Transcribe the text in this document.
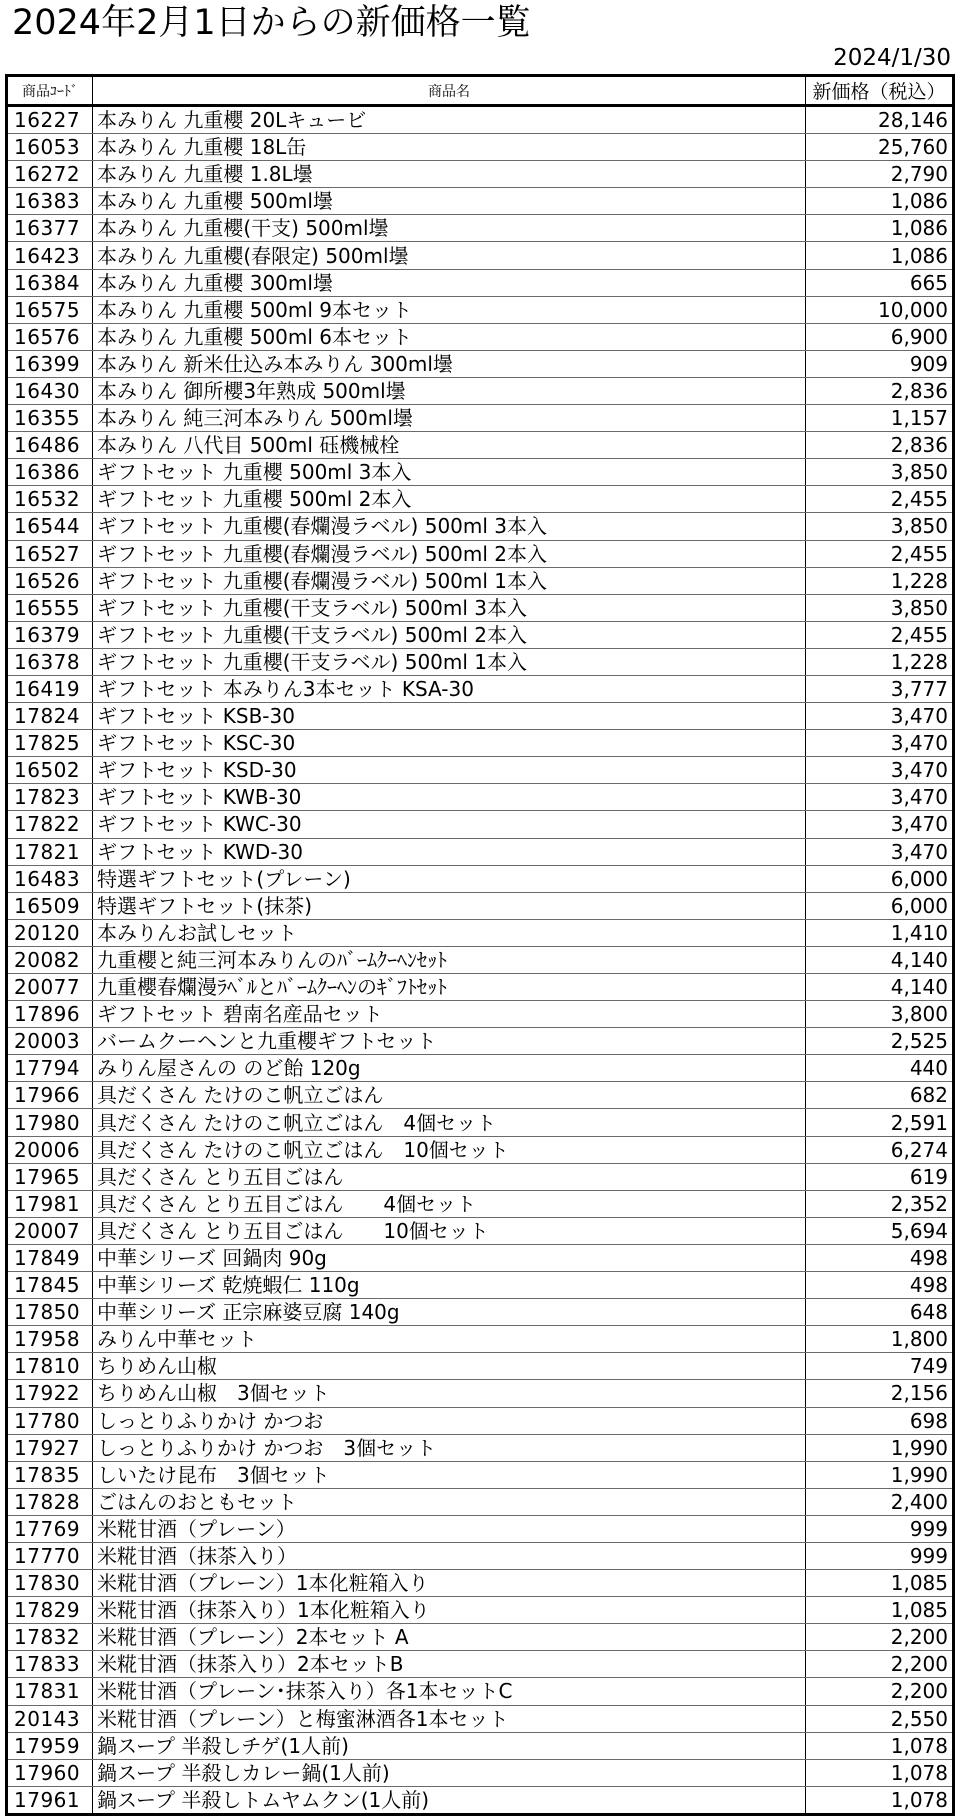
2024年2月1日からの新価格一覧
2024/1/30
商品ｺｰﾄﾞ	商品名	新価格（税込）
16227	本みりん 九重櫻 20Lキュービ	28,146
16053	本みりん 九重櫻 18L缶	25,760
16272	本みりん 九重櫻 1.8L壜	2,790
16383	本みりん 九重櫻 500ml壜	1,086
16377	本みりん 九重櫻(干支) 500ml壜	1,086
16423	本みりん 九重櫻(春限定) 500ml壜	1,086
16384	本みりん 九重櫻 300ml壜	665
16575	本みりん 九重櫻 500ml 9本セット	10,000
16576	本みりん 九重櫻 500ml 6本セット	6,900
16399	本みりん 新米仕込み本みりん 300ml壜	909
16430	本みりん 御所櫻3年熟成 500ml壜	2,836
16355	本みりん 純三河本みりん 500ml壜	1,157
16486	本みりん 八代目 500ml 砡機械栓	2,836
16386	ギフトセット 九重櫻 500ml 3本入	3,850
16532	ギフトセット 九重櫻 500ml 2本入	2,455
16544	ギフトセット 九重櫻(春爛漫ラベル) 500ml 3本入	3,850
16527	ギフトセット 九重櫻(春爛漫ラベル) 500ml 2本入	2,455
16526	ギフトセット 九重櫻(春爛漫ラベル) 500ml 1本入	1,228
16555	ギフトセット 九重櫻(干支ラベル) 500ml 3本入	3,850
16379	ギフトセット 九重櫻(干支ラベル) 500ml 2本入	2,455
16378	ギフトセット 九重櫻(干支ラベル) 500ml 1本入	1,228
16419	ギフトセット 本みりん3本セット KSA-30	3,777
17824	ギフトセット KSB-30	3,470
17825	ギフトセット KSC-30	3,470
16502	ギフトセット KSD-30	3,470
17823	ギフトセット KWB-30	3,470
17822	ギフトセット KWC-30	3,470
17821	ギフトセット KWD-30	3,470
16483	特選ギフトセット(プレーン)	6,000
16509	特選ギフトセット(抹茶)	6,000
20120	本みりんお試しセット	1,410
20082	九重櫻と純三河本みりんのﾊﾞｰﾑｸｰﾍﾝｾｯﾄ	4,140
20077	九重櫻春爛漫ﾗﾍﾞﾙとﾊﾞｰﾑｸｰﾍﾝのｷﾞﾌﾄｾｯﾄ	4,140
17896	ギフトセット 碧南名産品セット	3,800
20003	バームクーヘンと九重櫻ギフトセット	2,525
17794	みりん屋さんの のど飴 120g	440
17966	具だくさん たけのこ帆立ごはん	682
17980	具だくさん たけのこ帆立ごはん　4個セット	2,591
20006	具だくさん たけのこ帆立ごはん　10個セット	6,274
17965	具だくさん とり五目ごはん	619
17981	具だくさん とり五目ごはん　　4個セット	2,352
20007	具だくさん とり五目ごはん　　10個セット	5,694
17849	中華シリーズ 回鍋肉 90g	498
17845	中華シリーズ 乾焼蝦仁 110g	498
17850	中華シリーズ 正宗麻婆豆腐 140g	648
17958	みりん中華セット	1,800
17810	ちりめん山椒	749
17922	ちりめん山椒　3個セット	2,156
17780	しっとりふりかけ かつお	698
17927	しっとりふりかけ かつお　3個セット	1,990
17835	しいたけ昆布　3個セット	1,990
17828	ごはんのおともセット	2,400
17769	米糀甘酒（プレーン）	999
17770	米糀甘酒（抹茶入り）	999
17830	米糀甘酒（プレーン）1本化粧箱入り	1,085
17829	米糀甘酒（抹茶入り）1本化粧箱入り	1,085
17832	米糀甘酒（プレーン）2本セット A	2,200
17833	米糀甘酒（抹茶入り）2本セットB	2,200
17831	米糀甘酒（プレーン･抹茶入り）各1本セットC	2,200
20143	米糀甘酒（プレーン）と梅蜜淋酒各1本セット	2,550
17959	鍋スープ 半殺しチゲ(1人前)	1,078
17960	鍋スープ 半殺しカレー鍋(1人前)	1,078
17961	鍋スープ 半殺しトムヤムクン(1人前)	1,078
